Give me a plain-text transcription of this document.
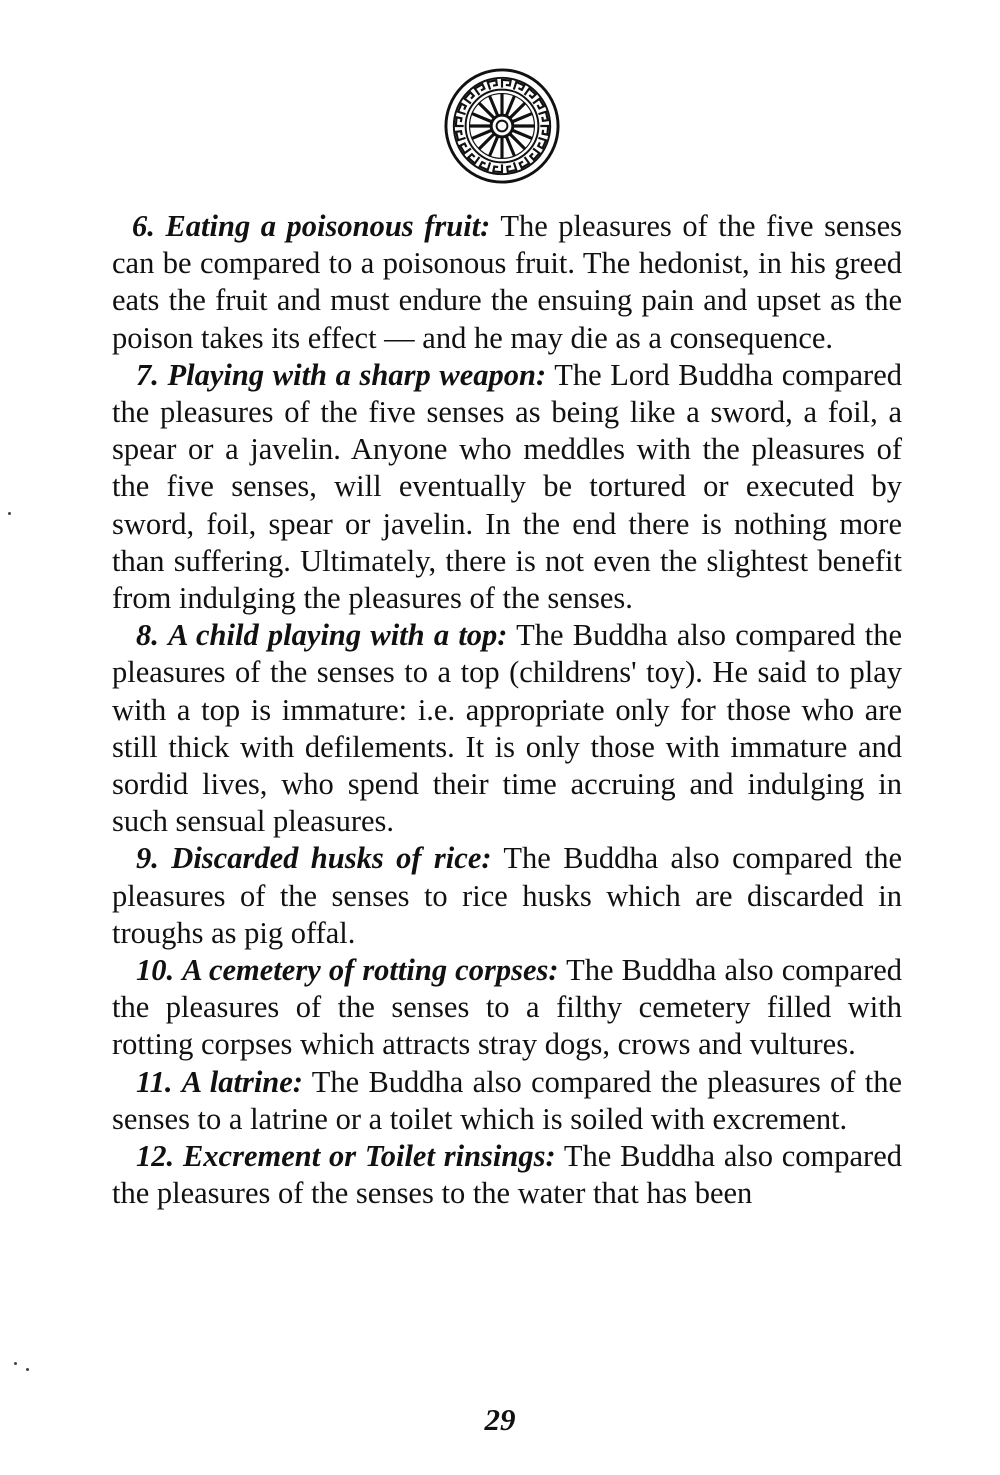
6. Eating a poisonous fruit: The pleasures of the five senses can be compared to a poisonous fruit. The hedonist, in his greed eats the fruit and must endure the ensuing pain and upset as the poison takes its effect — and he may die as a consequence.

7. Playing with a sharp weapon: The Lord Buddha compared the pleasures of the five senses as being like a sword, a foil, a spear or a javelin. Anyone who meddles with the pleasures of the five senses, will eventually be tortured or executed by sword, foil, spear or javelin. In the end there is nothing more than suffering. Ultimately, there is not even the slightest benefit from indulging the pleasures of the senses.

8. A child playing with a top: The Buddha also compared the pleasures of the senses to a top (childrens' toy). He said to play with a top is immature: i.e. appropriate only for those who are still thick with defilements. It is only those with immature and sordid lives, who spend their time accruing and indulging in such sensual pleasures.

9. Discarded husks of rice: The Buddha also compared the pleasures of the senses to rice husks which are discarded in troughs as pig offal.

10. A cemetery of rotting corpses: The Buddha also compared the pleasures of the senses to a filthy cemetery filled with rotting corpses which attracts stray dogs, crows and vultures.

11. A latrine: The Buddha also compared the pleasures of the senses to a latrine or a toilet which is soiled with excrement.

12. Excrement or Toilet rinsings: The Buddha also compared the pleasures of the senses to the water that has been

29
